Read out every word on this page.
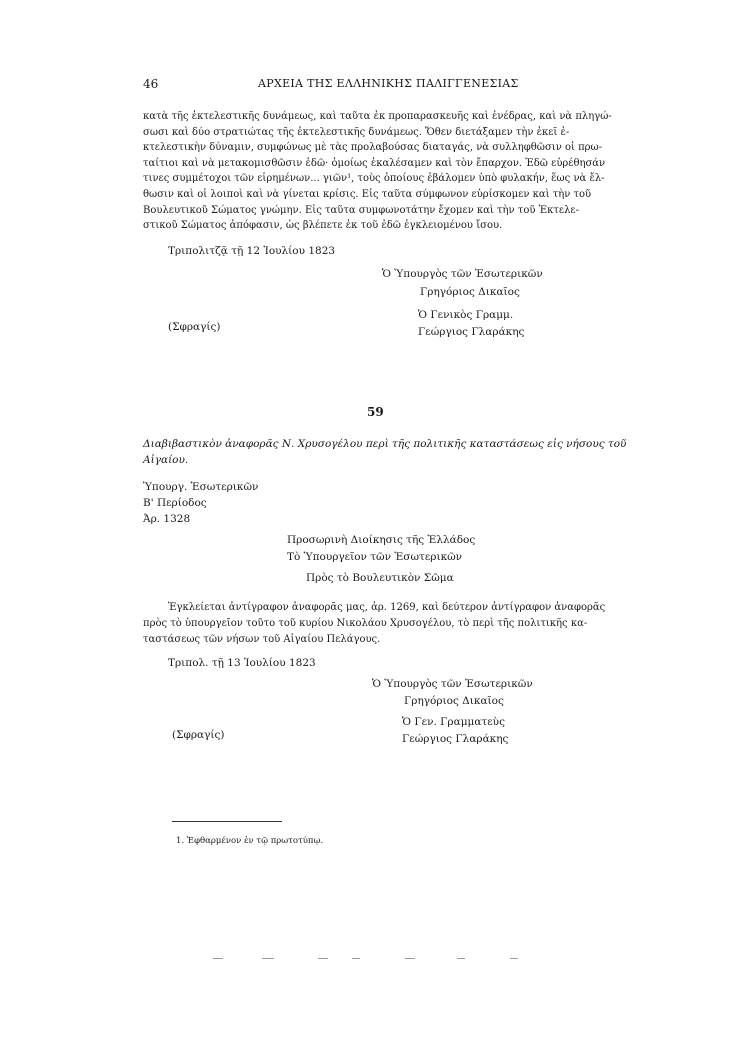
46	ΑΡΧΕΙΑ ΤΗΣ ΕΛΛΗΝΙΚΗΣ ΠΑΛΙΓΓΕΝΕΣΙΑΣ
κατὰ τῆς ἐκτελεστικῆς δυνάμεως, καὶ ταῦτα ἐκ προπαρασκευῆς καὶ ἐνέδρας, καὶ νὰ πληγώ-
σωσι καὶ δύο στρατιώτας τῆς ἐκτελεστικῆς δυνάμεως. Ὅθεν διετάξαμεν τὴν ἐκεῖ ἐ-
κτελεστικὴν δύναμιν, συμφώνως μὲ τὰς προλαβούσας διαταγάς, νὰ συλληφθῶσιν οἱ πρω-
ταίτιοι καὶ νὰ μετακομισθῶσιν ἐδῶ· ὁμοίως ἐκαλέσαμεν καὶ τὸν ἔπαρχον. Ἐδῶ εὑρέθησάν
τινες συμμέτοχοι τῶν εἰρημένων... γιῶν¹, τοὺς ὁποίους ἐβάλομεν ὑπὸ φυλακήν, ἕως νὰ ἔλ-
θωσιν καὶ οἱ λοιποὶ καὶ νὰ γίνεται κρίσις. Εἰς ταῦτα σύμφωνον εὑρίσκομεν καὶ τὴν τοῦ
Βουλευτικοῦ Σώματος γνώμην. Εἰς ταῦτα συμφωνοτάτην ἔχομεν καὶ τὴν τοῦ Ἐκτελε-
στικοῦ Σώματος ἀπόφασιν, ὡς βλέπετε ἐκ τοῦ ἐδῶ ἐγκλειομένου ἴσου.
Τριπολιτζᾷ τῇ 12 Ἰουλίου 1823
Ὁ Ὑπουργὸς τῶν Ἐσωτερικῶν
Γρηγόριος Δικαῖος
Ὁ Γενικὸς Γραμμ.
(Σφραγίς)	Γεώργιος Γλαράκης
59
Διαβιβαστικὸν ἀναφορᾶς Ν. Χρυσογέλου περὶ τῆς πολιτικῆς καταστάσεως εἰς νήσους τοῦ
Αἰγαίου.
Ὑπουργ. Ἐσωτερικῶν
Β' Περίοδος
Ἀρ. 1328
Προσωρινὴ Διοίκησις τῆς Ἑλλάδος
Τὸ Ὑπουργεῖον τῶν Ἐσωτερικῶν
Πρὸς τὸ Βουλευτικὸν Σῶμα
Ἐγκλείεται ἀντίγραφον ἀναφορᾶς μας, ἀρ. 1269, καὶ δεύτερον ἀντίγραφον ἀναφορᾶς
πρὸς τὸ ὑπουργεῖον τοῦτο τοῦ κυρίου Νικολάου Χρυσογέλου, τὸ περὶ τῆς πολιτικῆς κα-
ταστάσεως τῶν νήσων τοῦ Αἰγαίου Πελάγους.
Τριπολ. τῇ 13 Ἰουλίου 1823
Ὁ Ὑπουργὸς τῶν Ἐσωτερικῶν
Γρηγόριος Δικαῖος
Ὁ Γεν. Γραμματεὺς
(Σφραγίς)	Γεώργιος Γλαράκης
1. Ἐφθαρμένον ἐν τῷ πρωτοτύπῳ.
